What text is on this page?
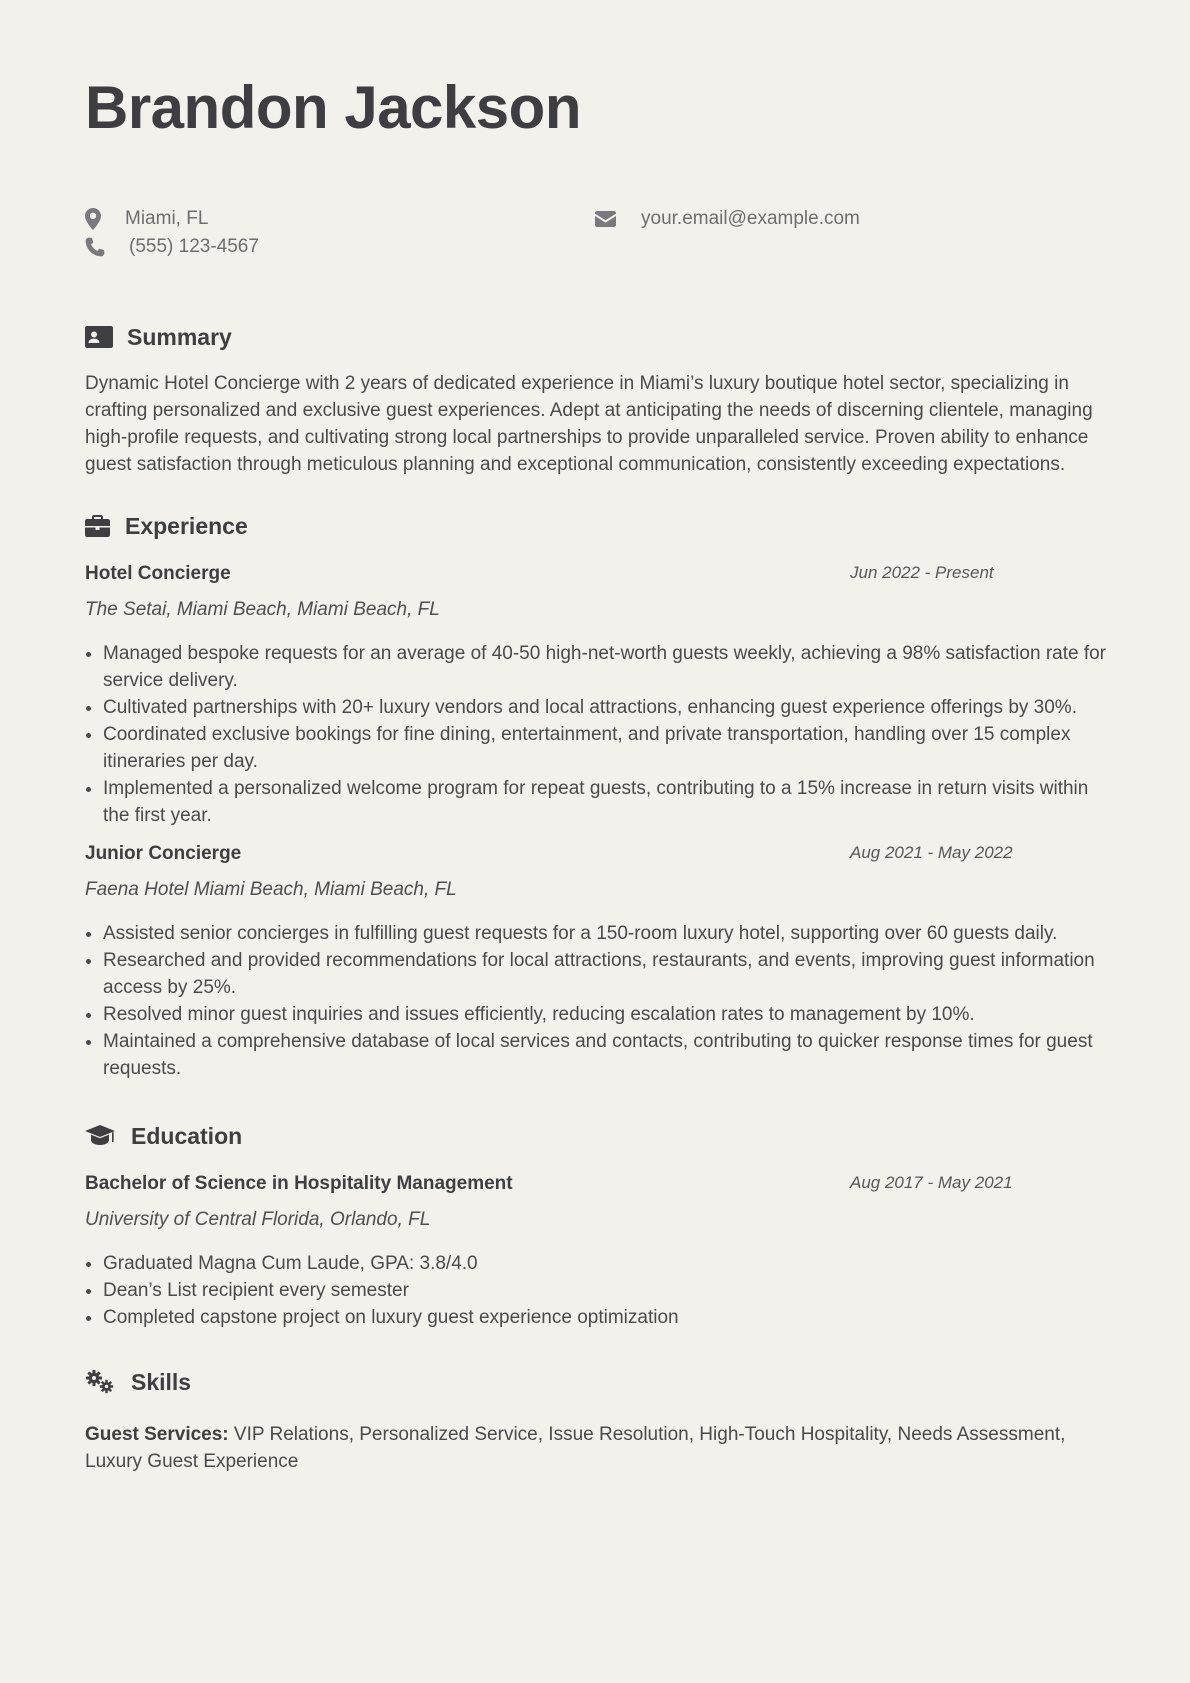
Brandon Jackson
Miami, FL
(555) 123-4567
your.email@example.com
Summary
Dynamic Hotel Concierge with 2 years of dedicated experience in Miami’s luxury boutique hotel sector, specializing in crafting personalized and exclusive guest experiences. Adept at anticipating the needs of discerning clientele, managing high-profile requests, and cultivating strong local partnerships to provide unparalleled service. Proven ability to enhance guest satisfaction through meticulous planning and exceptional communication, consistently exceeding expectations.
Experience
Hotel Concierge	Jun 2022 - Present
The Setai, Miami Beach, Miami Beach, FL
• Managed bespoke requests for an average of 40-50 high-net-worth guests weekly, achieving a 98% satisfaction rate for service delivery.
• Cultivated partnerships with 20+ luxury vendors and local attractions, enhancing guest experience offerings by 30%.
• Coordinated exclusive bookings for fine dining, entertainment, and private transportation, handling over 15 complex itineraries per day.
• Implemented a personalized welcome program for repeat guests, contributing to a 15% increase in return visits within the first year.
Junior Concierge	Aug 2021 - May 2022
Faena Hotel Miami Beach, Miami Beach, FL
• Assisted senior concierges in fulfilling guest requests for a 150-room luxury hotel, supporting over 60 guests daily.
• Researched and provided recommendations for local attractions, restaurants, and events, improving guest information access by 25%.
• Resolved minor guest inquiries and issues efficiently, reducing escalation rates to management by 10%.
• Maintained a comprehensive database of local services and contacts, contributing to quicker response times for guest requests.
Education
Bachelor of Science in Hospitality Management	Aug 2017 - May 2021
University of Central Florida, Orlando, FL
• Graduated Magna Cum Laude, GPA: 3.8/4.0
• Dean’s List recipient every semester
• Completed capstone project on luxury guest experience optimization
Skills
Guest Services: VIP Relations, Personalized Service, Issue Resolution, High-Touch Hospitality, Needs Assessment, Luxury Guest Experience
